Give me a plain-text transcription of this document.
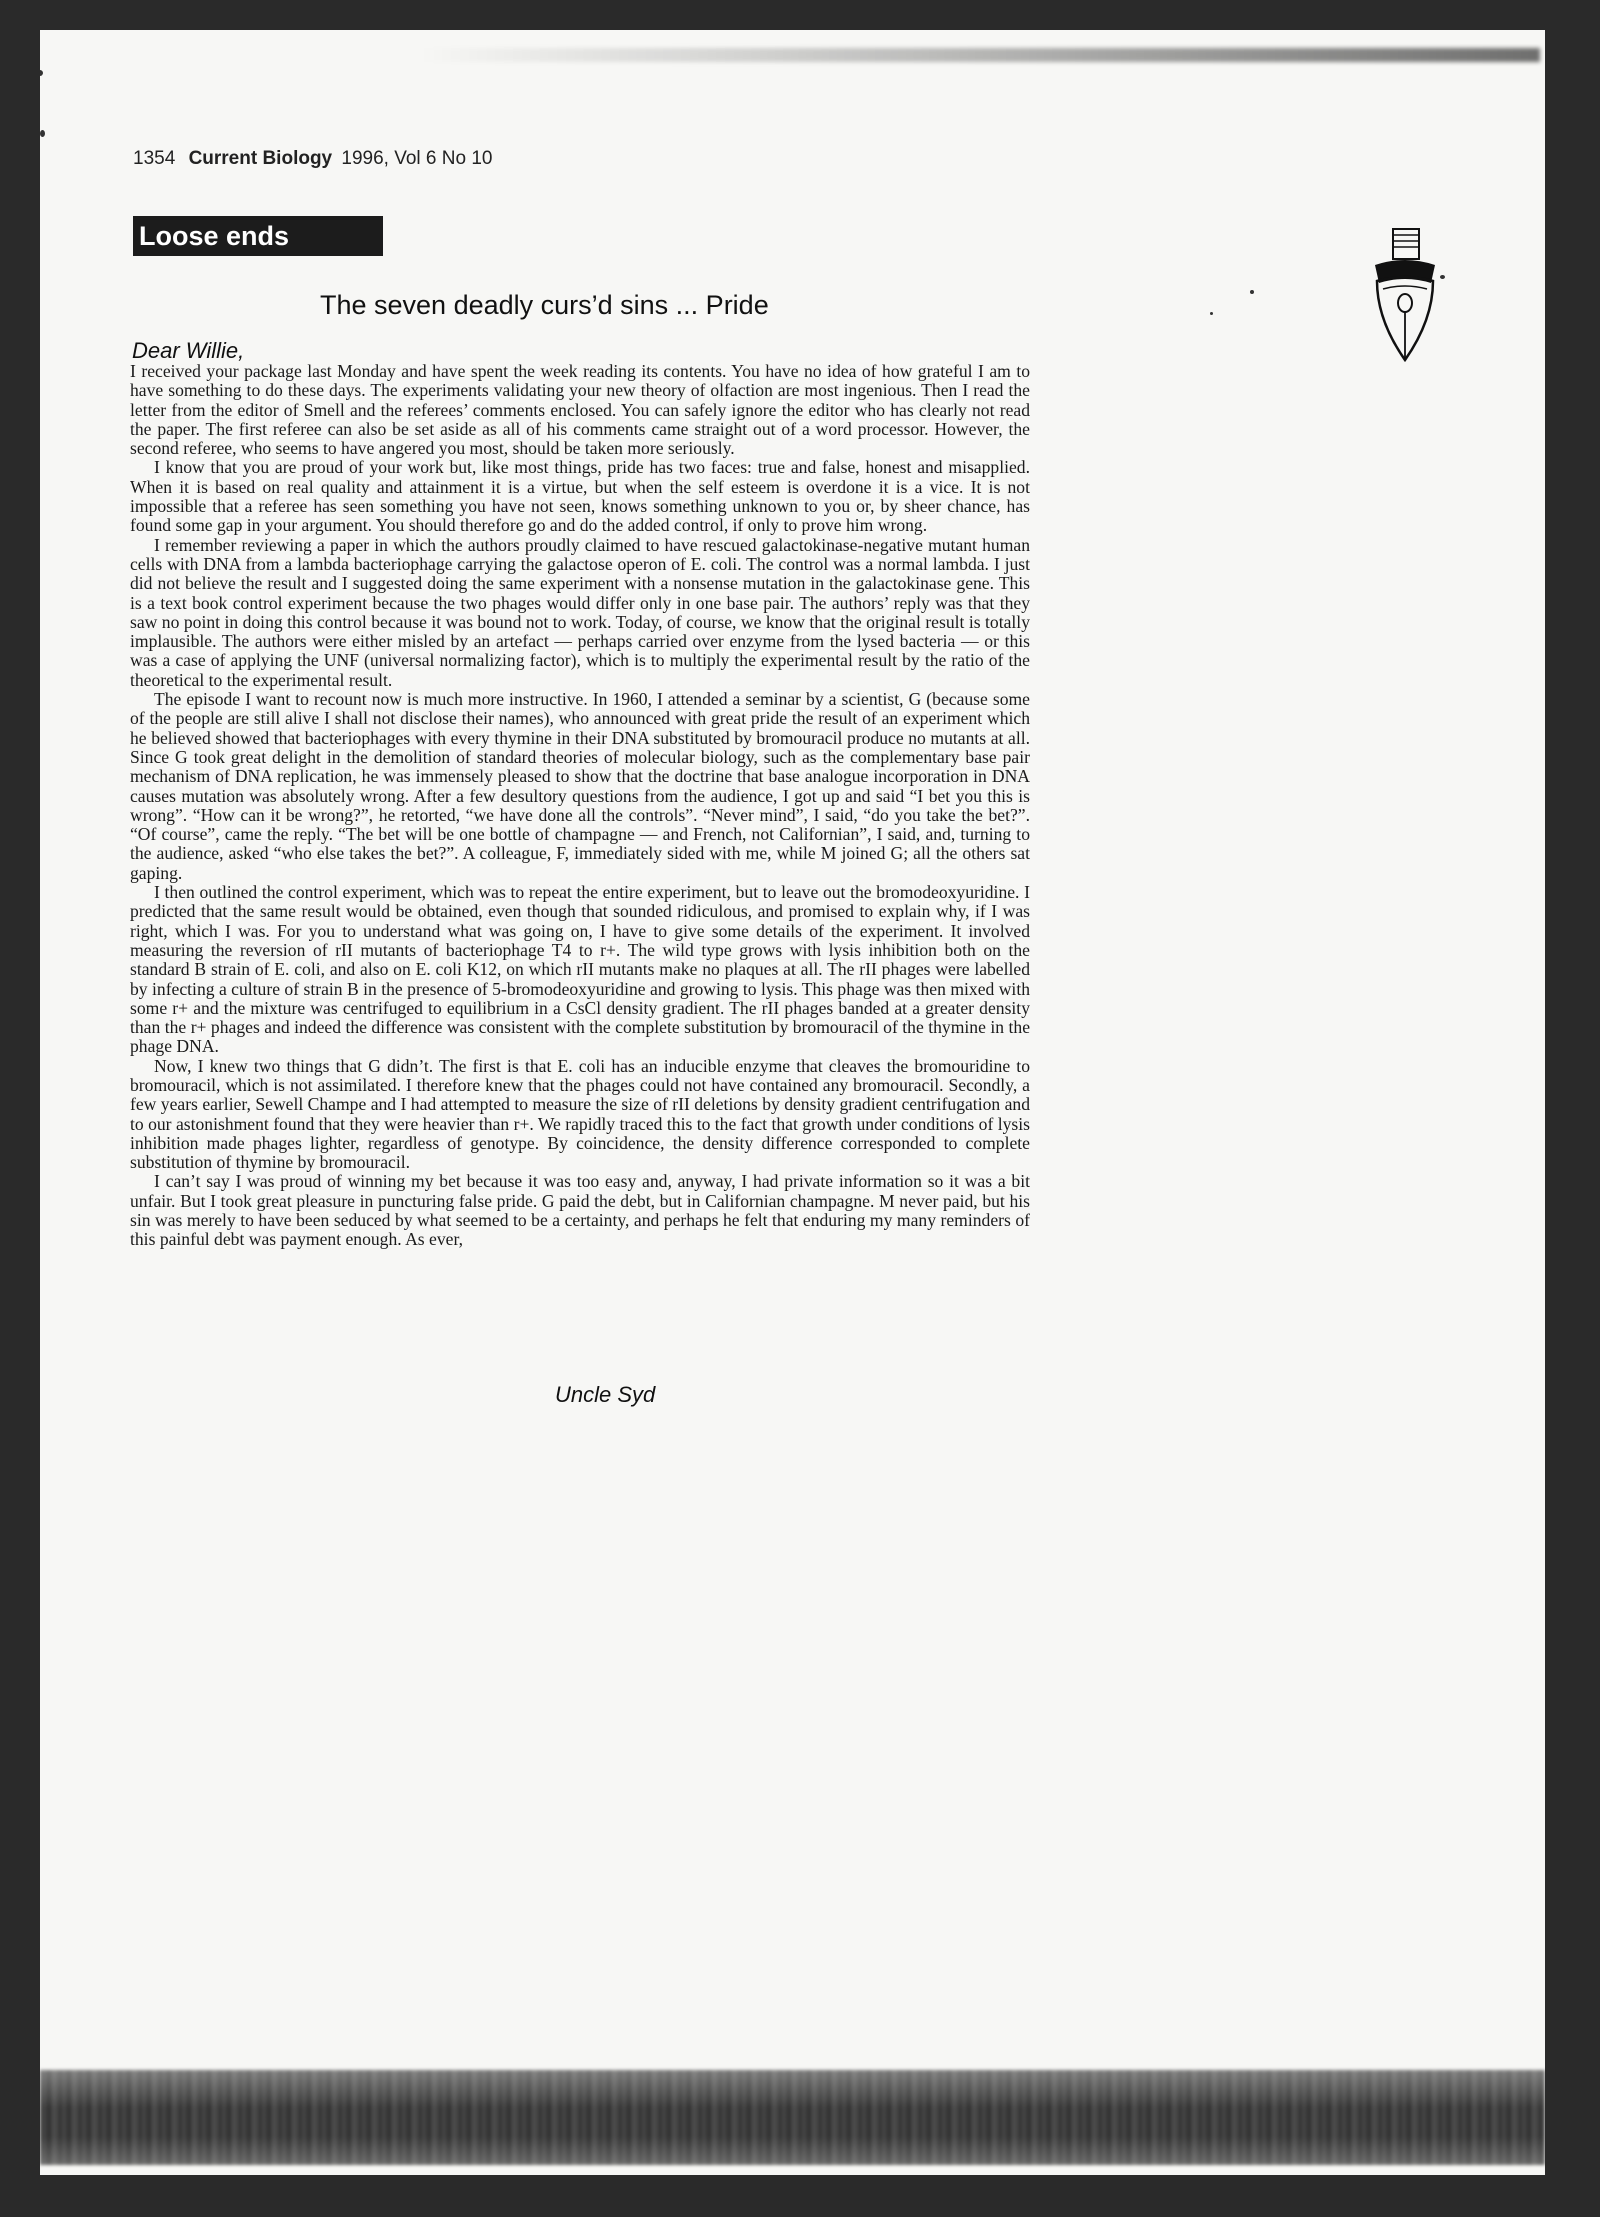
1354 Current Biology 1996, Vol 6 No 10
Loose ends
The seven deadly curs’d sins ... Pride
Dear Willie,

I received your package last Monday and have spent the week reading its contents. You have no idea of how grateful I am to have something to do these days. The experiments validating your new theory of olfaction are most ingenious. Then I read the letter from the editor of Smell and the referees’ comments enclosed. You can safely ignore the editor who has clearly not read the paper. The first referee can also be set aside as all of his comments came straight out of a word processor. However, the second referee, who seems to have angered you most, should be taken more seriously.

I know that you are proud of your work but, like most things, pride has two faces: true and false, honest and misapplied. When it is based on real quality and attainment it is a virtue, but when the self esteem is overdone it is a vice. It is not impossible that a referee has seen something you have not seen, knows something unknown to you or, by sheer chance, has found some gap in your argument. You should therefore go and do the added control, if only to prove him wrong.

I remember reviewing a paper in which the authors proudly claimed to have rescued galactokinase-negative mutant human cells with DNA from a lambda bacteriophage carrying the galactose operon of E. coli. The control was a normal lambda. I just did not believe the result and I suggested doing the same experiment with a nonsense mutation in the galactokinase gene. This is a text book control experiment because the two phages would differ only in one base pair. The authors’ reply was that they saw no point in doing this control because it was bound not to work. Today, of course, we know that the original result is totally implausible. The authors were either misled by an artefact — perhaps carried over enzyme from the lysed bacteria — or this was a case of applying the UNF (universal normalizing factor), which is to multiply the experimental result by the ratio of the theoretical to the experimental result.

The episode I want to recount now is much more instructive. In 1960, I attended a seminar by a scientist, G (because some of the people are still alive I shall not disclose their names), who announced with great pride the result of an experiment which he believed showed that bacteriophages with every thymine in their DNA substituted by bromouracil produce no mutants at all. Since G took great delight in the demolition of standard theories of molecular biology, such as the complementary base pair mechanism of DNA replication, he was immensely pleased to show that the doctrine that base analogue incorporation in DNA causes mutation was absolutely wrong. After a few desultory questions from the audience, I got up and said “I bet you this is wrong”. “How can it be wrong?”, he retorted, “we have done all the controls”. “Never mind”, I said, “do you take the bet?”. “Of course”, came the reply. “The bet will be one bottle of champagne — and French, not Californian”, I said, and, turning to the audience, asked “who else takes the bet?”. A colleague, F, immediately sided with me, while M joined G; all the others sat gaping.

I then outlined the control experiment, which was to repeat the entire experiment, but to leave out the bromodeoxyuridine. I predicted that the same result would be obtained, even though that sounded ridiculous, and promised to explain why, if I was right, which I was. For you to understand what was going on, I have to give some details of the experiment. It involved measuring the reversion of rII mutants of bacteriophage T4 to r+. The wild type grows with lysis inhibition both on the standard B strain of E. coli, and also on E. coli K12, on which rII mutants make no plaques at all. The rII phages were labelled by infecting a culture of strain B in the presence of 5-bromodeoxyuridine and growing to lysis. This phage was then mixed with some r+ and the mixture was centrifuged to equilibrium in a CsCl density gradient. The rII phages banded at a greater density than the r+ phages and indeed the difference was consistent with the complete substitution by bromouracil of the thymine in the phage DNA.

Now, I knew two things that G didn’t. The first is that E. coli has an inducible enzyme that cleaves the bromouridine to bromouracil, which is not assimilated. I therefore knew that the phages could not have contained any bromouracil. Secondly, a few years earlier, Sewell Champe and I had attempted to measure the size of rII deletions by density gradient centrifugation and to our astonishment found that they were heavier than r+. We rapidly traced this to the fact that growth under conditions of lysis inhibition made phages lighter, regardless of genotype. By coincidence, the density difference corresponded to complete substitution of thymine by bromouracil.

I can’t say I was proud of winning my bet because it was too easy and, anyway, I had private information so it was a bit unfair. But I took great pleasure in puncturing false pride. G paid the debt, but in Californian champagne. M never paid, but his sin was merely to have been seduced by what seemed to be a certainty, and perhaps he felt that enduring my many reminders of this painful debt was payment enough. As ever,

Uncle Syd
